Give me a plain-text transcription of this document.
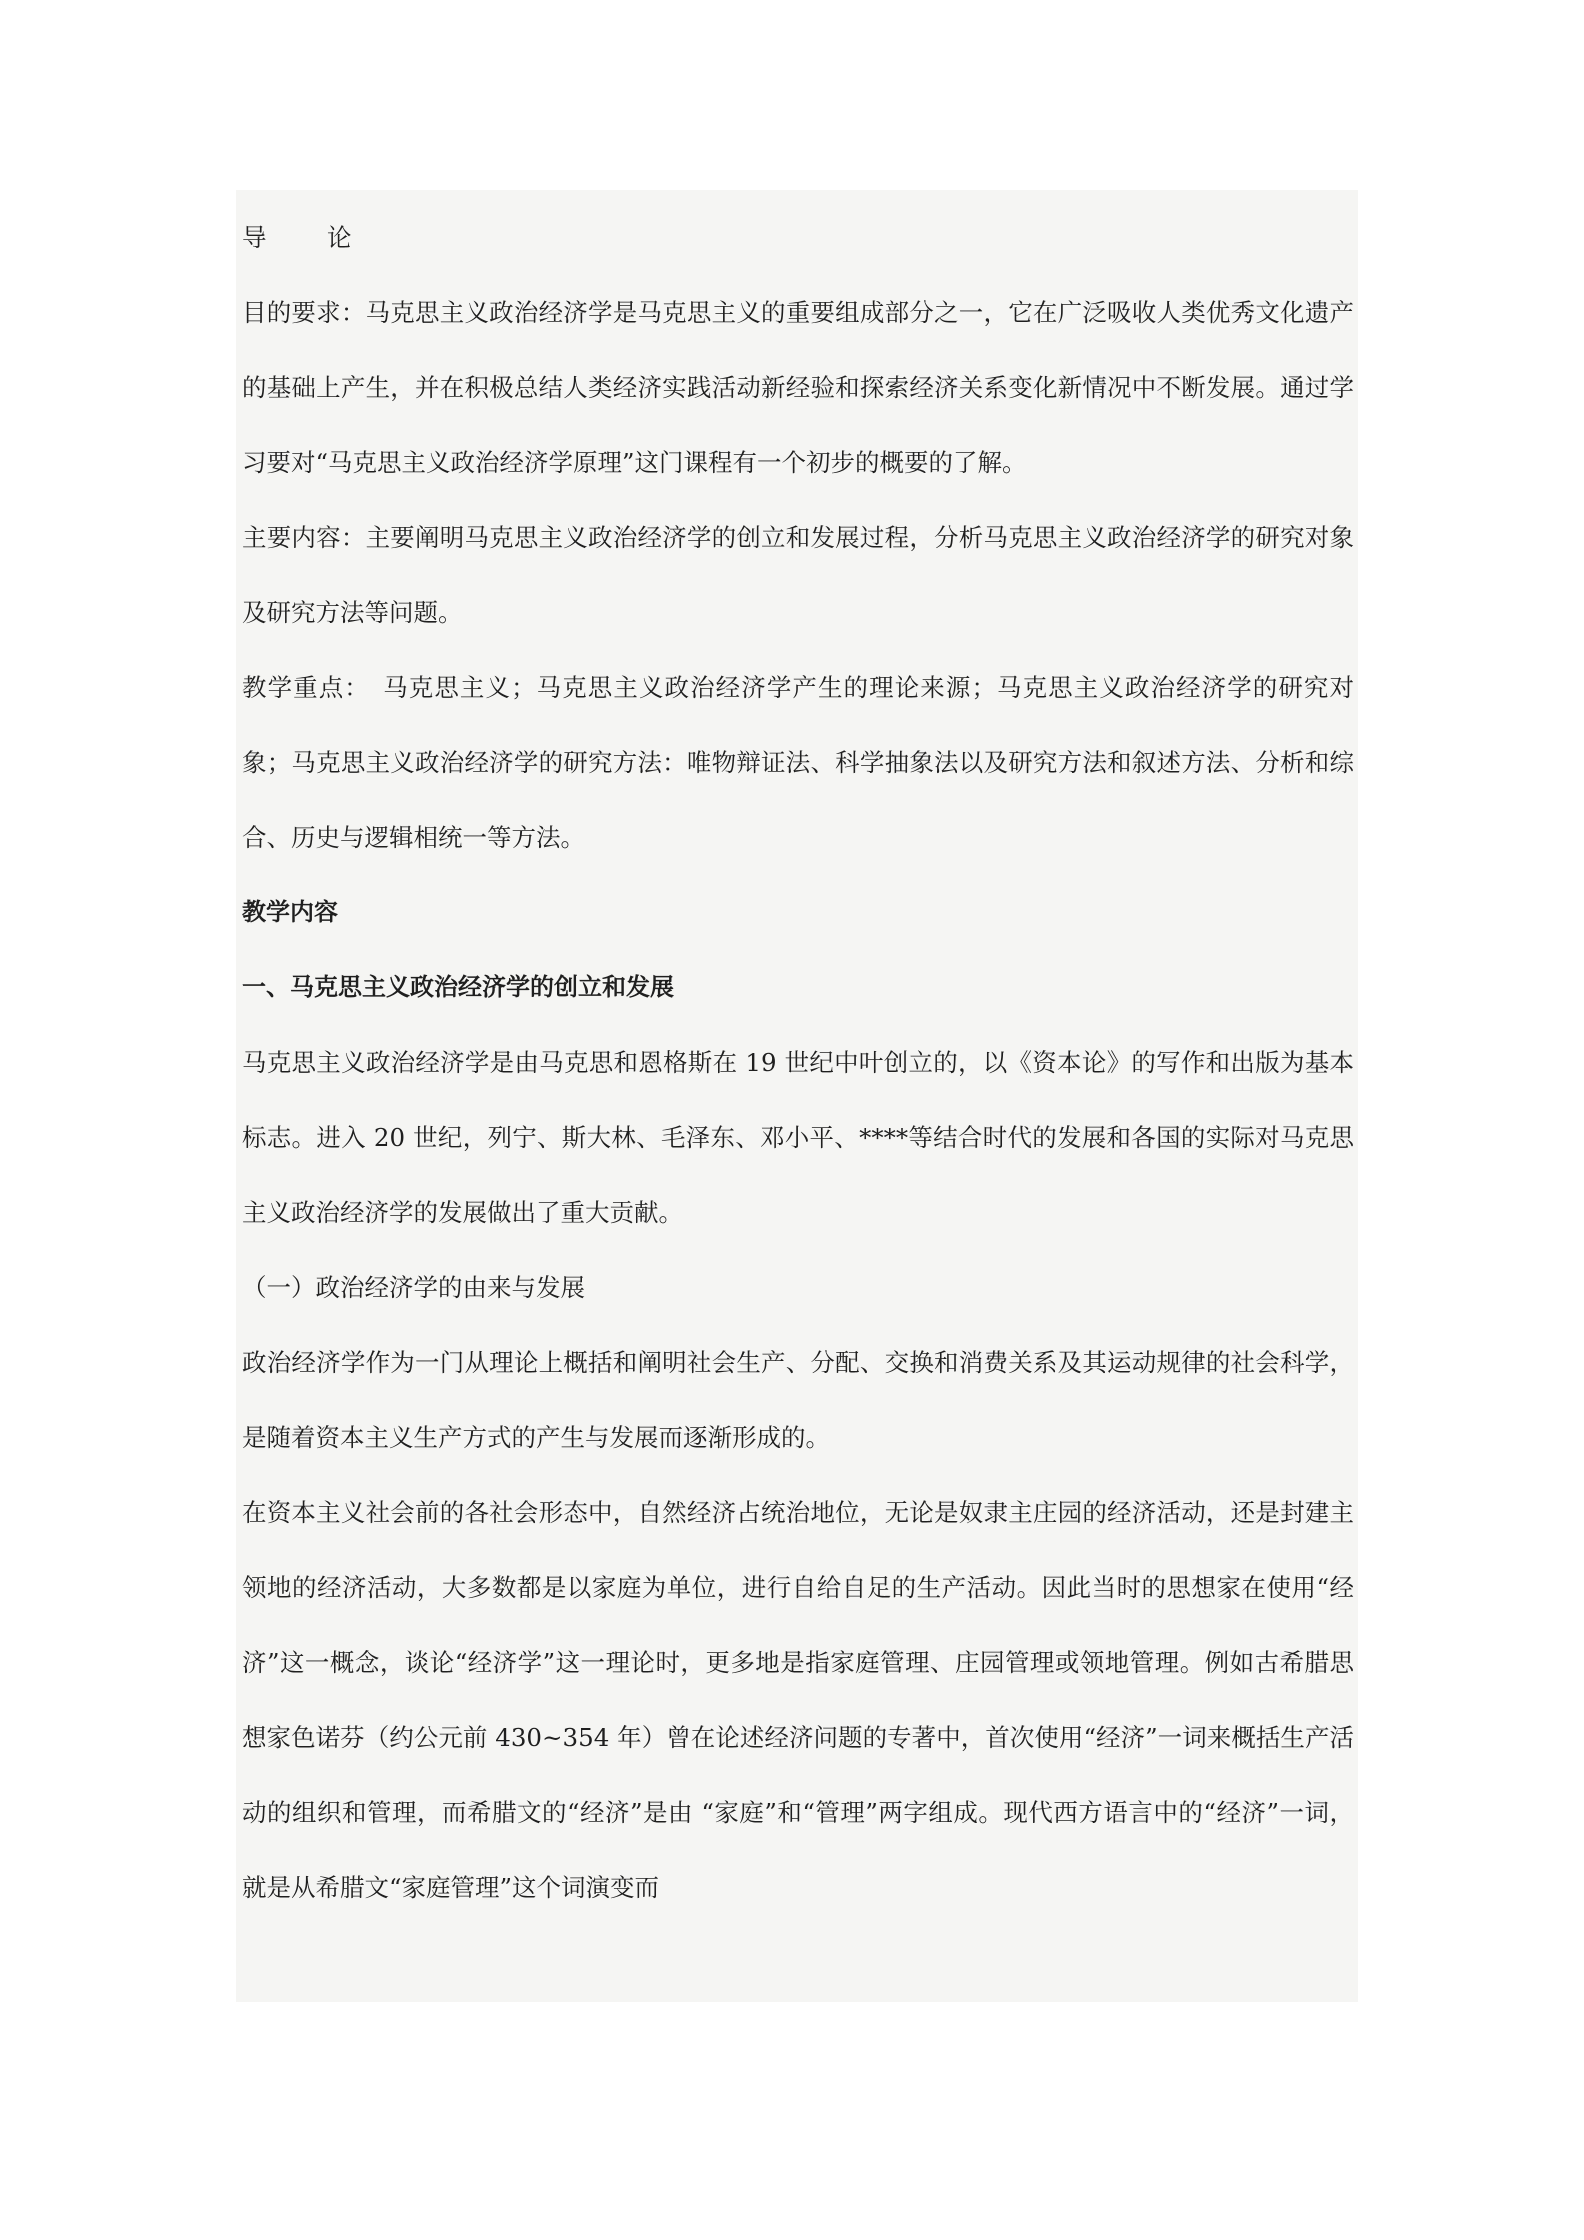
导　论

目的要求：马克思主义政治经济学是马克思主义的重要组成部分之一，它在广泛吸收人类优秀文化遗产的基础上产生，并在积极总结人类经济实践活动新经验和探索经济关系变化新情况中不断发展。通过学习要对“马克思主义政治经济学原理”这门课程有一个初步的概要的了解。

主要内容：主要阐明马克思主义政治经济学的创立和发展过程，分析马克思主义政治经济学的研究对象及研究方法等问题。

教学重点：　马克思主义；马克思主义政治经济学产生的理论来源；马克思主义政治经济学的研究对象；马克思主义政治经济学的研究方法：唯物辩证法、科学抽象法以及研究方法和叙述方法、分析和综合、历史与逻辑相统一等方法。

教学内容

一、马克思主义政治经济学的创立和发展

马克思主义政治经济学是由马克思和恩格斯在 19 世纪中叶创立的，以《资本论》的写作和出版为基本标志。进入 20 世纪，列宁、斯大林、毛泽东、邓小平、****等结合时代的发展和各国的实际对马克思主义政治经济学的发展做出了重大贡献。

（一）政治经济学的由来与发展

政治经济学作为一门从理论上概括和阐明社会生产、分配、交换和消费关系及其运动规律的社会科学，是随着资本主义生产方式的产生与发展而逐渐形成的。

在资本主义社会前的各社会形态中，自然经济占统治地位，无论是奴隶主庄园的经济活动，还是封建主领地的经济活动，大多数都是以家庭为单位，进行自给自足的生产活动。因此当时的思想家在使用“经济”这一概念，谈论“经济学”这一理论时，更多地是指家庭管理、庄园管理或领地管理。例如古希腊思想家色诺芬（约公元前 430~354 年）曾在论述经济问题的专著中，首次使用“经济”一词来概括生产活动的组织和管理，而希腊文的“经济”是由 “家庭”和“管理”两字组成。现代西方语言中的“经济”一词，就是从希腊文“家庭管理”这个词演变而
